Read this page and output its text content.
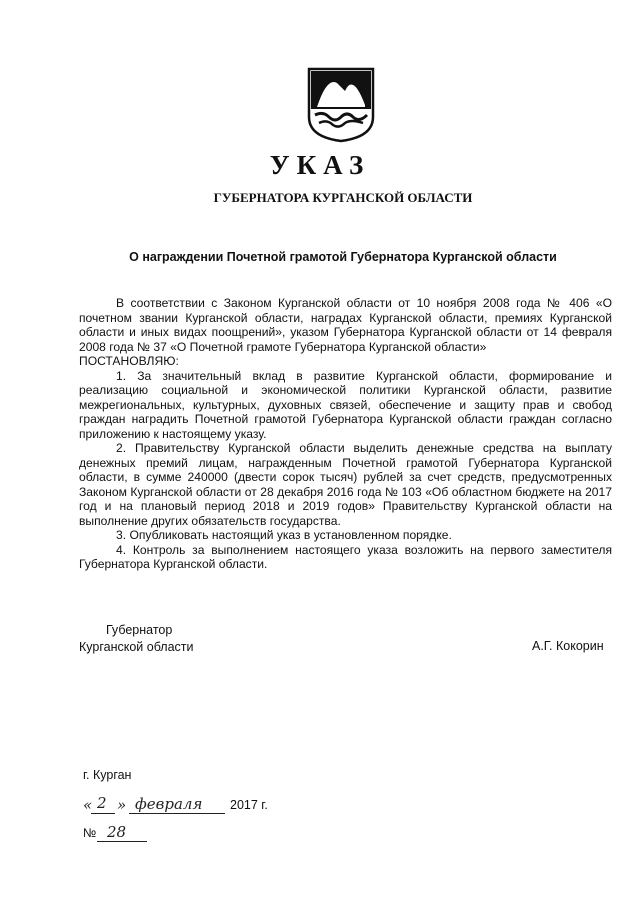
УКАЗ
ГУБЕРНАТОРА КУРГАНСКОЙ ОБЛАСТИ
О награждении Почетной грамотой Губернатора Курганской области

В соответствии с Законом Курганской области от 10 ноября 2008 года № 406 «О почетном звании Курганской области, наградах Курганской области, премиях Курганской области и иных видах поощрений», указом Губернатора Курганской области от 14 февраля 2008 года № 37 «О Почетной грамоте Губернатора Курганской области»

ПОСТАНОВЛЯЮ:

1. За значительный вклад в развитие Курганской области, формирование и реализацию социальной и экономической политики Курганской области, развитие межрегиональных, культурных, духовных связей, обеспечение и защиту прав и свобод граждан наградить Почетной грамотой Губернатора Курганской области граждан согласно приложению к настоящему указу.

2. Правительству Курганской области выделить денежные средства на выплату денежных премий лицам, награжденным Почетной грамотой Губернатора Курганской области, в сумме 240000 (двести сорок тысяч) рублей за счет средств, предусмотренных Законом Курганской области от 28 декабря 2016 года № 103 «Об областном бюджете на 2017 год и на плановый период 2018 и 2019 годов» Правительству Курганской области на выполнение других обязательств государства.

3. Опубликовать настоящий указ в установленном порядке.

4. Контроль за выполнением настоящего указа возложить на первого заместителя Губернатора Курганской области.

Губернатор
Курганской области	А.Г. Кокорин
г. Курган
« 2 » февраля 2017 г.
№ 28
